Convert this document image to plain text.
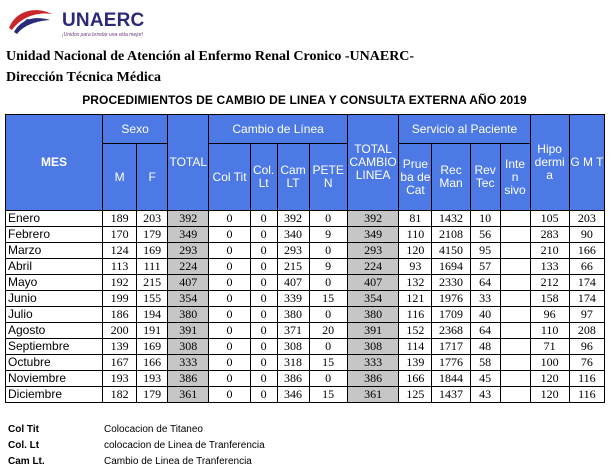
UNAERC
¡Unidos para brindar una vida mejor!
Unidad Nacional de Atención al Enfermo Renal Cronico -UNAERC-
Dirección Técnica Médica
PROCEDIMIENTOS DE CAMBIO DE LINEA Y CONSULTA EXTERNA AÑO 2019
MES	Sexo		TOTAL	Cambio de Línea				TOTAL CAMBIO LINEA	Servicio al Paciente				Hipo dermi a	G M T
	M	F		Col Tit	Col. Lt	Cam LT	PETE N		Prue ba de Cat	Rec Man	Rev Tec	Inte n sivo		
Enero	189	203	392	0	0	392	0	392	81	1432	10		105	203
Febrero	170	179	349	0	0	340	9	349	110	2108	56		283	90
Marzo	124	169	293	0	0	293	0	293	120	4150	95		210	166
Abril	113	111	224	0	0	215	9	224	93	1694	57		133	66
Mayo	192	215	407	0	0	407	0	407	132	2330	64		212	174
Junio	199	155	354	0	0	339	15	354	121	1976	33		158	174
Julio	186	194	380	0	0	380	0	380	116	1709	40		96	97
Agosto	200	191	391	0	0	371	20	391	152	2368	64		110	208
Septiembre	139	169	308	0	0	308	0	308	114	1717	48		71	96
Octubre	167	166	333	0	0	318	15	333	139	1776	58		100	76
Noviembre	193	193	386	0	0	386	0	386	166	1844	45		120	116
Diciembre	182	179	361	0	0	346	15	361	125	1437	43		120	116
Col Tit	Colocacion de Titaneo
Col. Lt	colocacion de Linea de Tranferencia
Cam Lt.	Cambio de Linea de Tranferencia
